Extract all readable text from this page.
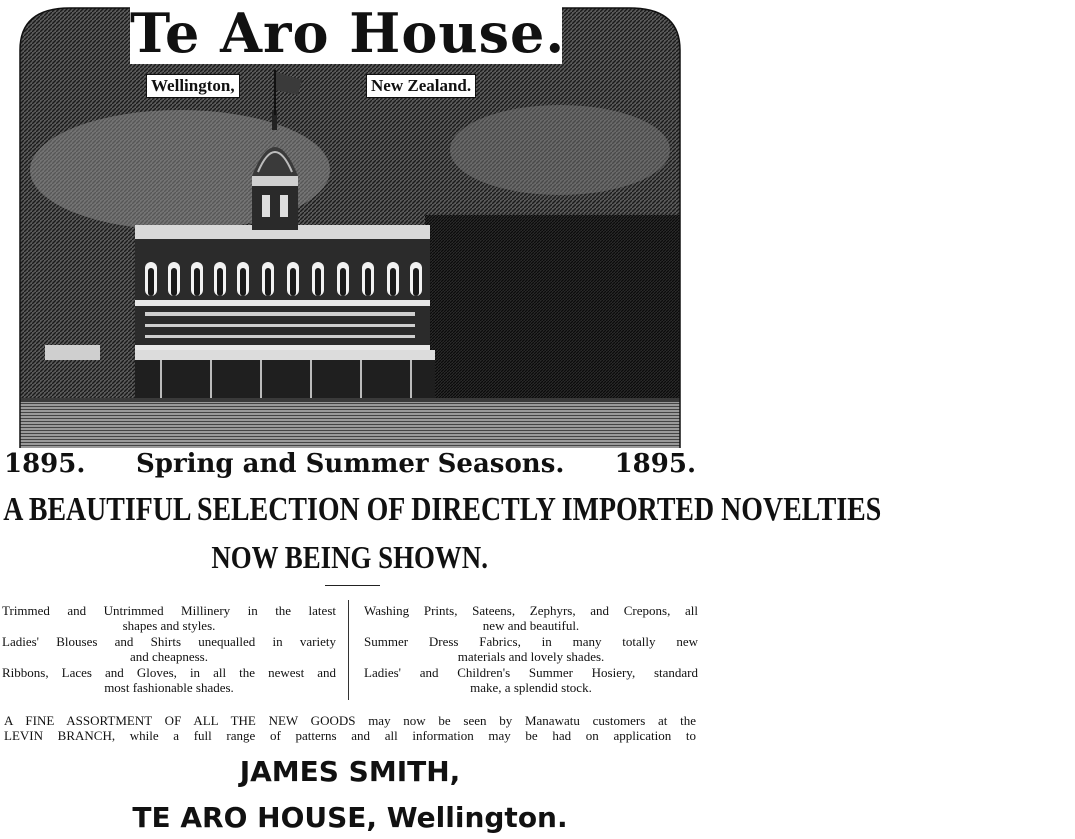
Te Aro House.
Wellington,	New Zealand.
1895. Spring and Summer Seasons. 1895.
A BEAUTIFUL SELECTION OF DIRECTLY IMPORTED NOVELTIES
NOW BEING SHOWN.

Trimmed and Untrimmed Millinery in the latest
shapes and styles.

Ladies' Blouses and Shirts unequalled in variety
and cheapness.

Ribbons, Laces and Gloves, in all the newest and
most fashionable shades.

Washing Prints, Sateens, Zephyrs, and Crepons, all
new and beautiful.

Summer Dress Fabrics, in many totally new
materials and lovely shades.

Ladies' and Children's Summer Hosiery, standard
make, a splendid stock.

A FINE ASSORTMENT OF ALL THE NEW GOODS may now be seen by Manawatu customers at the
LEVIN BRANCH, while a full range of patterns and all information may be had on application to
JAMES SMITH,
TE ARO HOUSE, Wellington.
